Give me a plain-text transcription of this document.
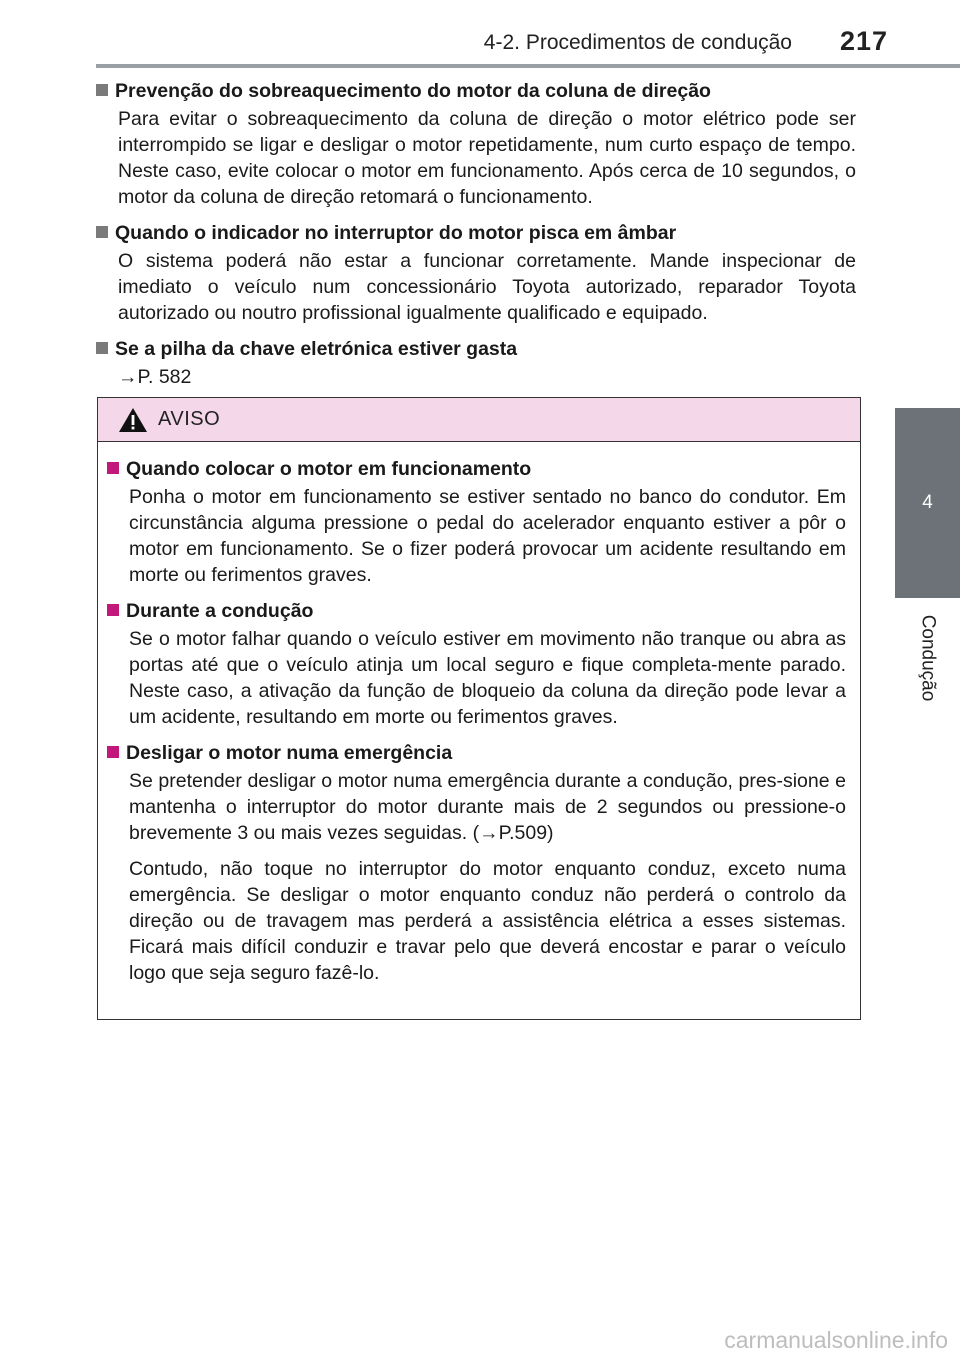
4-2. Procedimentos de condução 217
4
Condução

Prevenção do sobreaquecimento do motor da coluna de direção

Para evitar o sobreaquecimento da coluna de direção o motor elétrico pode ser interrompido se ligar e desligar o motor repetidamente, num curto espaço de tempo. Neste caso, evite colocar o motor em funcionamento. Após cerca de 10 segundos, o motor da coluna de direção retomará o funcionamento.

Quando o indicador no interruptor do motor pisca em âmbar

O sistema poderá não estar a funcionar corretamente. Mande inspecionar de imediato o veículo num concessionário Toyota autorizado, reparador Toyota autorizado ou noutro profissional igualmente qualificado e equipado.

Se a pilha da chave eletrónica estiver gasta

→P. 582

AVISO

Quando colocar o motor em funcionamento

Ponha o motor em funcionamento se estiver sentado no banco do condutor. Em circunstância alguma pressione o pedal do acelerador enquanto estiver a pôr o motor em funcionamento. Se o fizer poderá provocar um acidente resultando em morte ou ferimentos graves.

Durante a condução

Se o motor falhar quando o veículo estiver em movimento não tranque ou abra as portas até que o veículo atinja um local seguro e fique completa-mente parado. Neste caso, a ativação da função de bloqueio da coluna da direção pode levar a um acidente, resultando em morte ou ferimentos graves.

Desligar o motor numa emergência

Se pretender desligar o motor numa emergência durante a condução, pres-sione e mantenha o interruptor do motor durante mais de 2 segundos ou pressione-o brevemente 3 ou mais vezes seguidas. (→P.509)

Contudo, não toque no interruptor do motor enquanto conduz, exceto numa emergência. Se desligar o motor enquanto conduz não perderá o controlo da direção ou de travagem mas perderá a assistência elétrica a esses sistemas. Ficará mais difícil conduzir e travar pelo que deverá encostar e parar o veículo logo que seja seguro fazê-lo.

carmanualsonline.info
